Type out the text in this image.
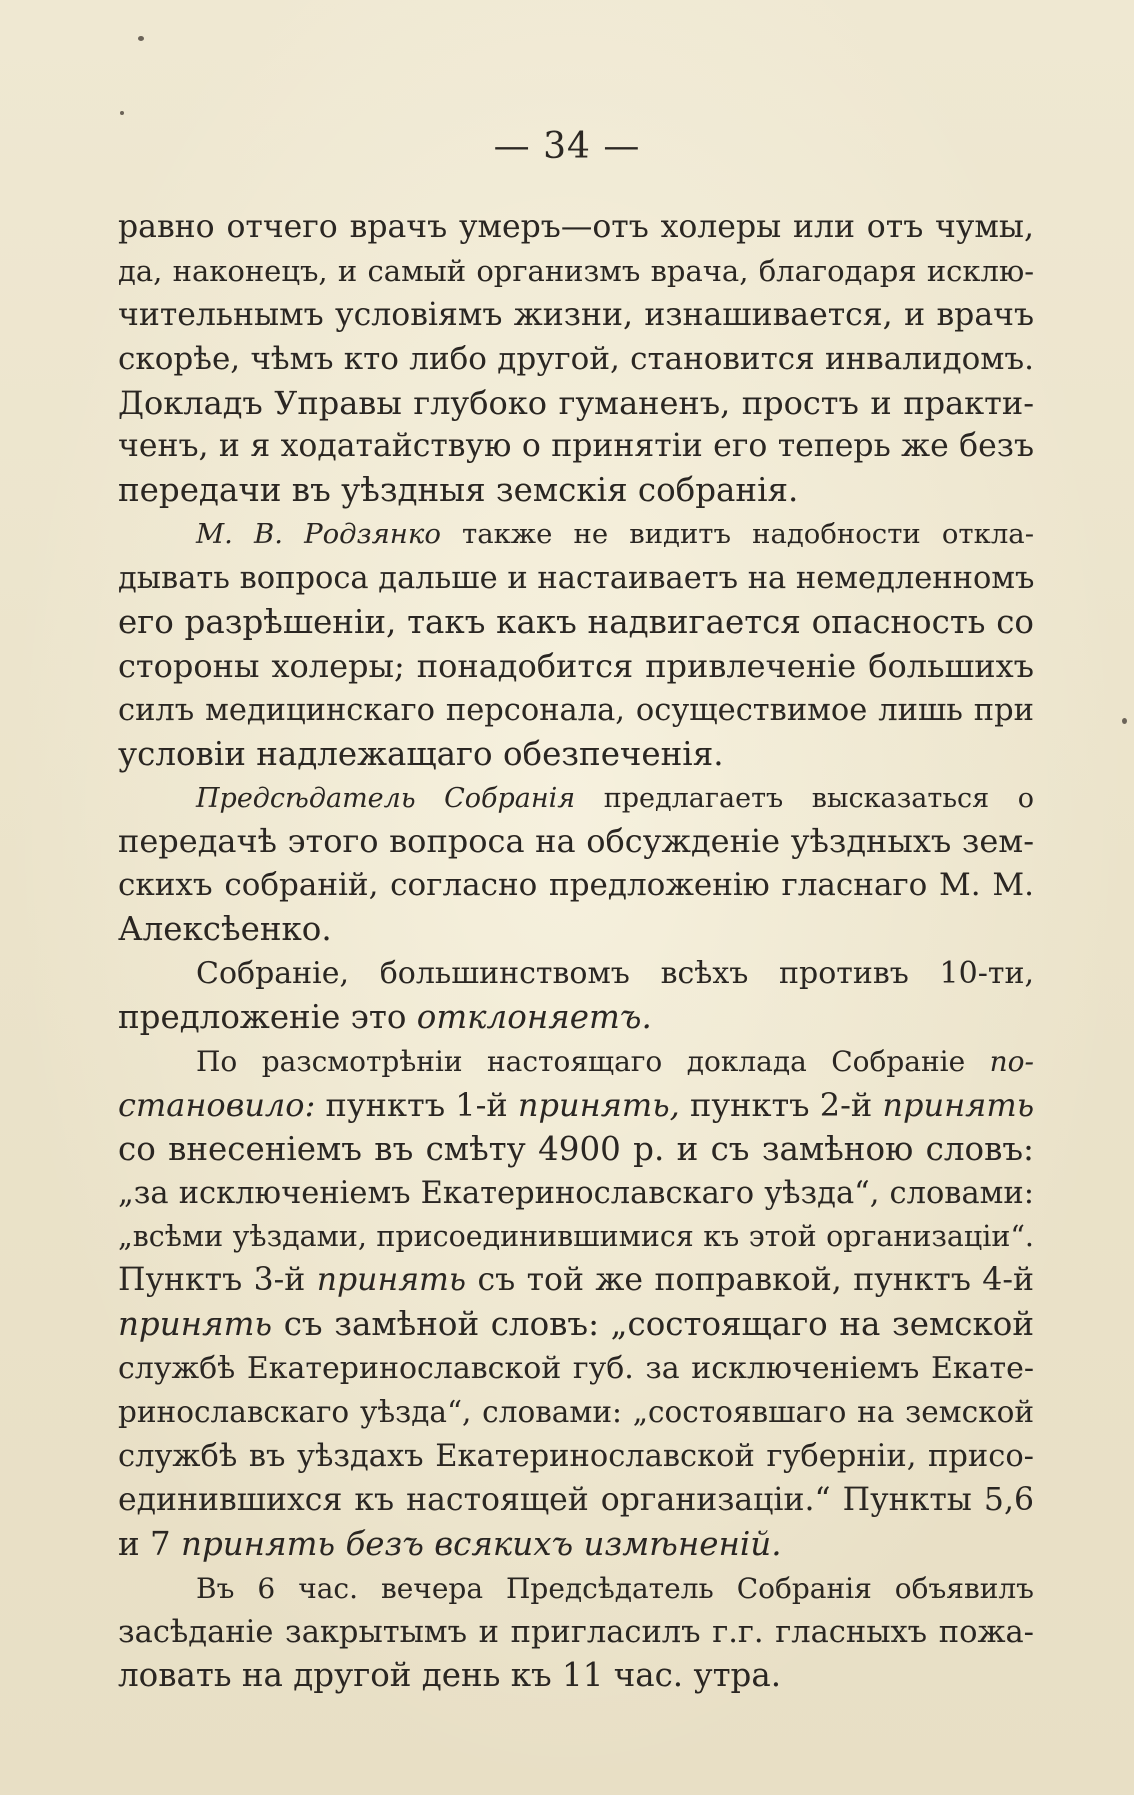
— 34 —
равно отчего врачъ умеръ—отъ холеры или отъ чумы,
да, наконецъ, и самый организмъ врача, благодаря исклю-
чительнымъ условiямъ жизни, изнашивается, и врачъ
скорѣе, чѣмъ кто либо другой, становится инвалидомъ.
Докладъ Управы глубоко гуманенъ, простъ и практи-
ченъ, и я ходатайствую о принятiи его теперь же безъ
передачи въ уѣздныя земскiя собранiя.
М. В. Родзянко также не видитъ надобности откла-
дывать вопроса дальше и настаиваетъ на немедленномъ
его разрѣшенiи, такъ какъ надвигается опасность со
стороны холеры; понадобится привлеченiе большихъ
силъ медицинскаго персонала, осуществимое лишь при
условiи надлежащаго обезпеченiя.
Предсѣдатель Собранiя предлагаетъ высказаться о
передачѣ этого вопроса на обсужденiе уѣздныхъ зем-
скихъ собранiй, согласно предложенiю гласнаго М. М.
Алексѣенко.
Собранiе, большинствомъ всѣхъ противъ 10-ти,
предложенiе это отклоняетъ.
По разсмотрѣнiи настоящаго доклада Собранiе по-
становило: пунктъ 1-й принять, пунктъ 2-й принять
со внесенiемъ въ смѣту 4900 р. и съ замѣною словъ:
„за исключенiемъ Екатеринославскаго уѣзда“, словами:
„всѣми уѣздами, присоединившимися къ этой организацiи“.
Пунктъ 3-й принять съ той же поправкой, пунктъ 4-й
принять съ замѣной словъ: „состоящаго на земской
службѣ Екатеринославской губ. за исключенiемъ Екате-
ринославскаго уѣзда“, словами: „состоявшаго на земской
службѣ въ уѣздахъ Екатеринославской губернiи, присо-
единившихся къ настоящей организацiи.“ Пункты 5,6
и 7 принять безъ всякихъ измѣненiй.
Въ 6 час. вечера Предсѣдатель Собранiя объявилъ
засѣданiе закрытымъ и пригласилъ г.г. гласныхъ пожа-
ловать на другой день къ 11 час. утра.
